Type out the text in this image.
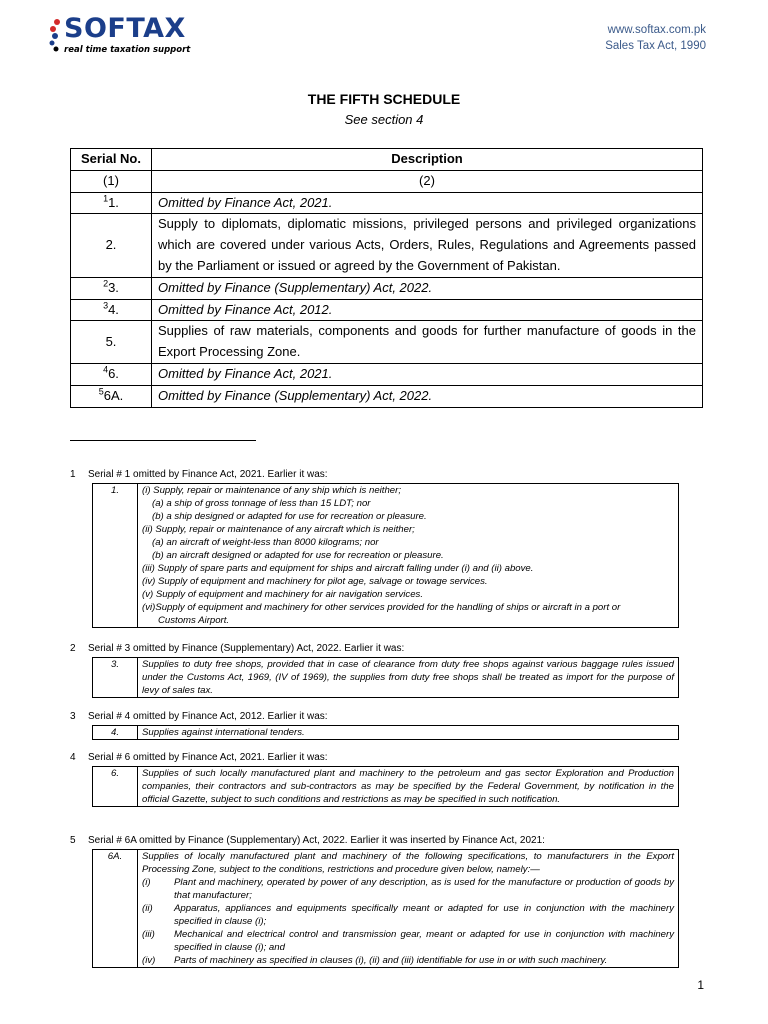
SOFTAX
real time taxation support
www.softax.com.pk
Sales Tax Act, 1990
THE FIFTH SCHEDULE
See section 4
Serial No.	Description
(1)	(2)
$^1$1.	Omitted by Finance Act, 2021.
2.	Supply to diplomats, diplomatic missions, privileged persons and privileged organizations which are covered under various Acts, Orders, Rules, Regulations and Agreements passed by the Parliament or issued or agreed by the Government of Pakistan.
$^2$3.	Omitted by Finance (Supplementary) Act, 2022.
$^3$4.	Omitted by Finance Act, 2012.
5.	Supplies of raw materials, components and goods for further manufacture of goods in the Export Processing Zone.
$^4$6.	Omitted by Finance Act, 2021.
$^5$6A.	Omitted by Finance (Supplementary) Act, 2022.
1 Serial # 1 omitted by Finance Act, 2021. Earlier it was:
1.	(i) Supply, repair or maintenance of any ship which is neither;
(a) a ship of gross tonnage of less than 15 LDT; nor
(b) a ship designed or adapted for use for recreation or pleasure.
(ii) Supply, repair or maintenance of any aircraft which is neither;
(a) an aircraft of weight-less than 8000 kilograms; nor
(b) an aircraft designed or adapted for use for recreation or pleasure.
(iii) Supply of spare parts and equipment for ships and aircraft falling under (i) and (ii) above.
(iv) Supply of equipment and machinery for pilot age, salvage or towage services.
(v) Supply of equipment and machinery for air navigation services.
(vi)Supply of equipment and machinery for other services provided for the handling of ships or aircraft in a port or
Customs Airport.
2 Serial # 3 omitted by Finance (Supplementary) Act, 2022. Earlier it was:
3.	Supplies to duty free shops, provided that in case of clearance from duty free shops against various baggage rules issued under the Customs Act, 1969, (IV of 1969), the supplies from duty free shops shall be treated as import for the purpose of levy of sales tax.
3 Serial # 4 omitted by Finance Act, 2012. Earlier it was:
4.	Supplies against international tenders.
4 Serial # 6 omitted by Finance Act, 2021. Earlier it was:
6.	Supplies of such locally manufactured plant and machinery to the petroleum and gas sector Exploration and Production companies, their contractors and sub-contractors as may be specified by the Federal Government, by notification in the official Gazette, subject to such conditions and restrictions as may be specified in such notification.
5 Serial # 6A omitted by Finance (Supplementary) Act, 2022. Earlier it was inserted by Finance Act, 2021:
6A.	Supplies of locally manufactured plant and machinery of the following specifications, to manufacturers in the Export Processing Zone, subject to the conditions, restrictions and procedure given below, namely:—
(i)	Plant and machinery, operated by power of any description, as is used for the manufacture or production of goods by that manufacturer;
(ii)	Apparatus, appliances and equipments specifically meant or adapted for use in conjunction with the machinery specified in clause (i);
(iii)	Mechanical and electrical control and transmission gear, meant or adapted for use in conjunction with machinery specified in clause (i); and
(iv)	Parts of machinery as specified in clauses (i), (ii) and (iii) identifiable for use in or with such machinery.
1
